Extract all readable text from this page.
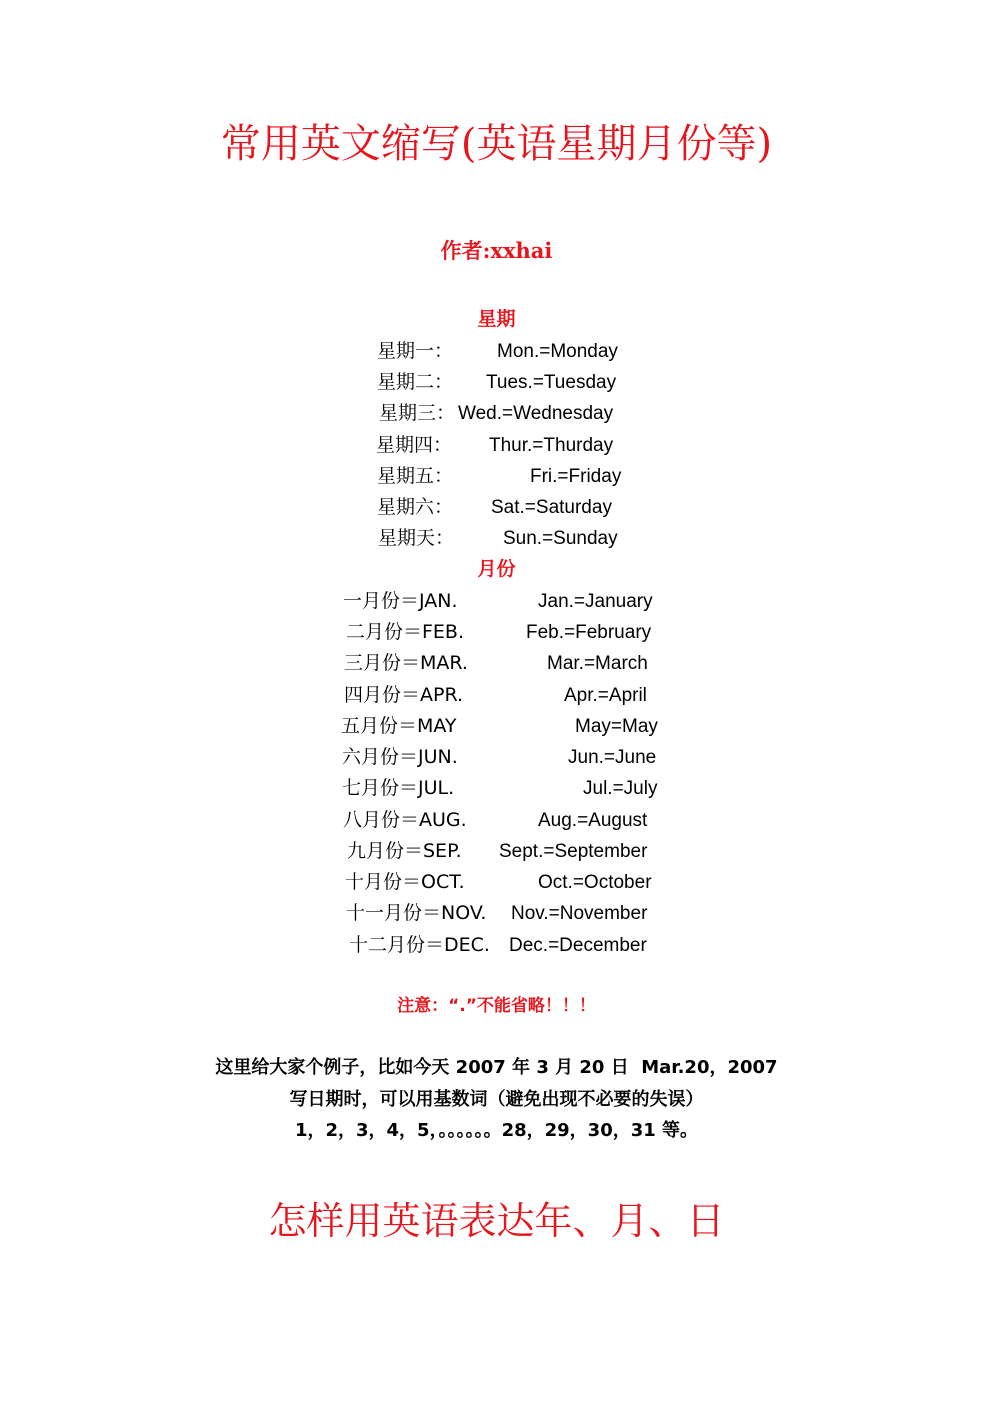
常用英文缩写(英语星期月份等)
作者:xxhai
星期
星期一： Mon.=Monday
星期二： Tues.=Tuesday
星期三： Wed.=Wednesday
星期四： Thur.=Thurday
星期五：	Fri.=Friday
星期六： Sat.=Saturday
星期天：	Sun.=Sunday
月份
一月份＝JAN.	Jan.=January
二月份＝FEB.	Feb.=February
三月份＝MAR.	Mar.=March
四月份＝APR.	Apr.=April
五月份＝MAY	May=May
六月份＝JUN.	Jun.=June
七月份＝JUL.	Jul.=July
八月份＝AUG.	Aug.=August
九月份＝SEP. Sept.=September
十月份＝OCT.	Oct.=October
十一月份＝NOV. Nov.=November
十二月份＝DEC. Dec.=December
注意：“.”不能省略！！！
这里给大家个例子，比如今天 2007 年 3 月 20 日  Mar.20，2007
写日期时，可以用基数词（避免出现不必要的失误）
1，2，3，4，5，。。。。。。28，29，30，31 等。
怎样用英语表达年、月、日
